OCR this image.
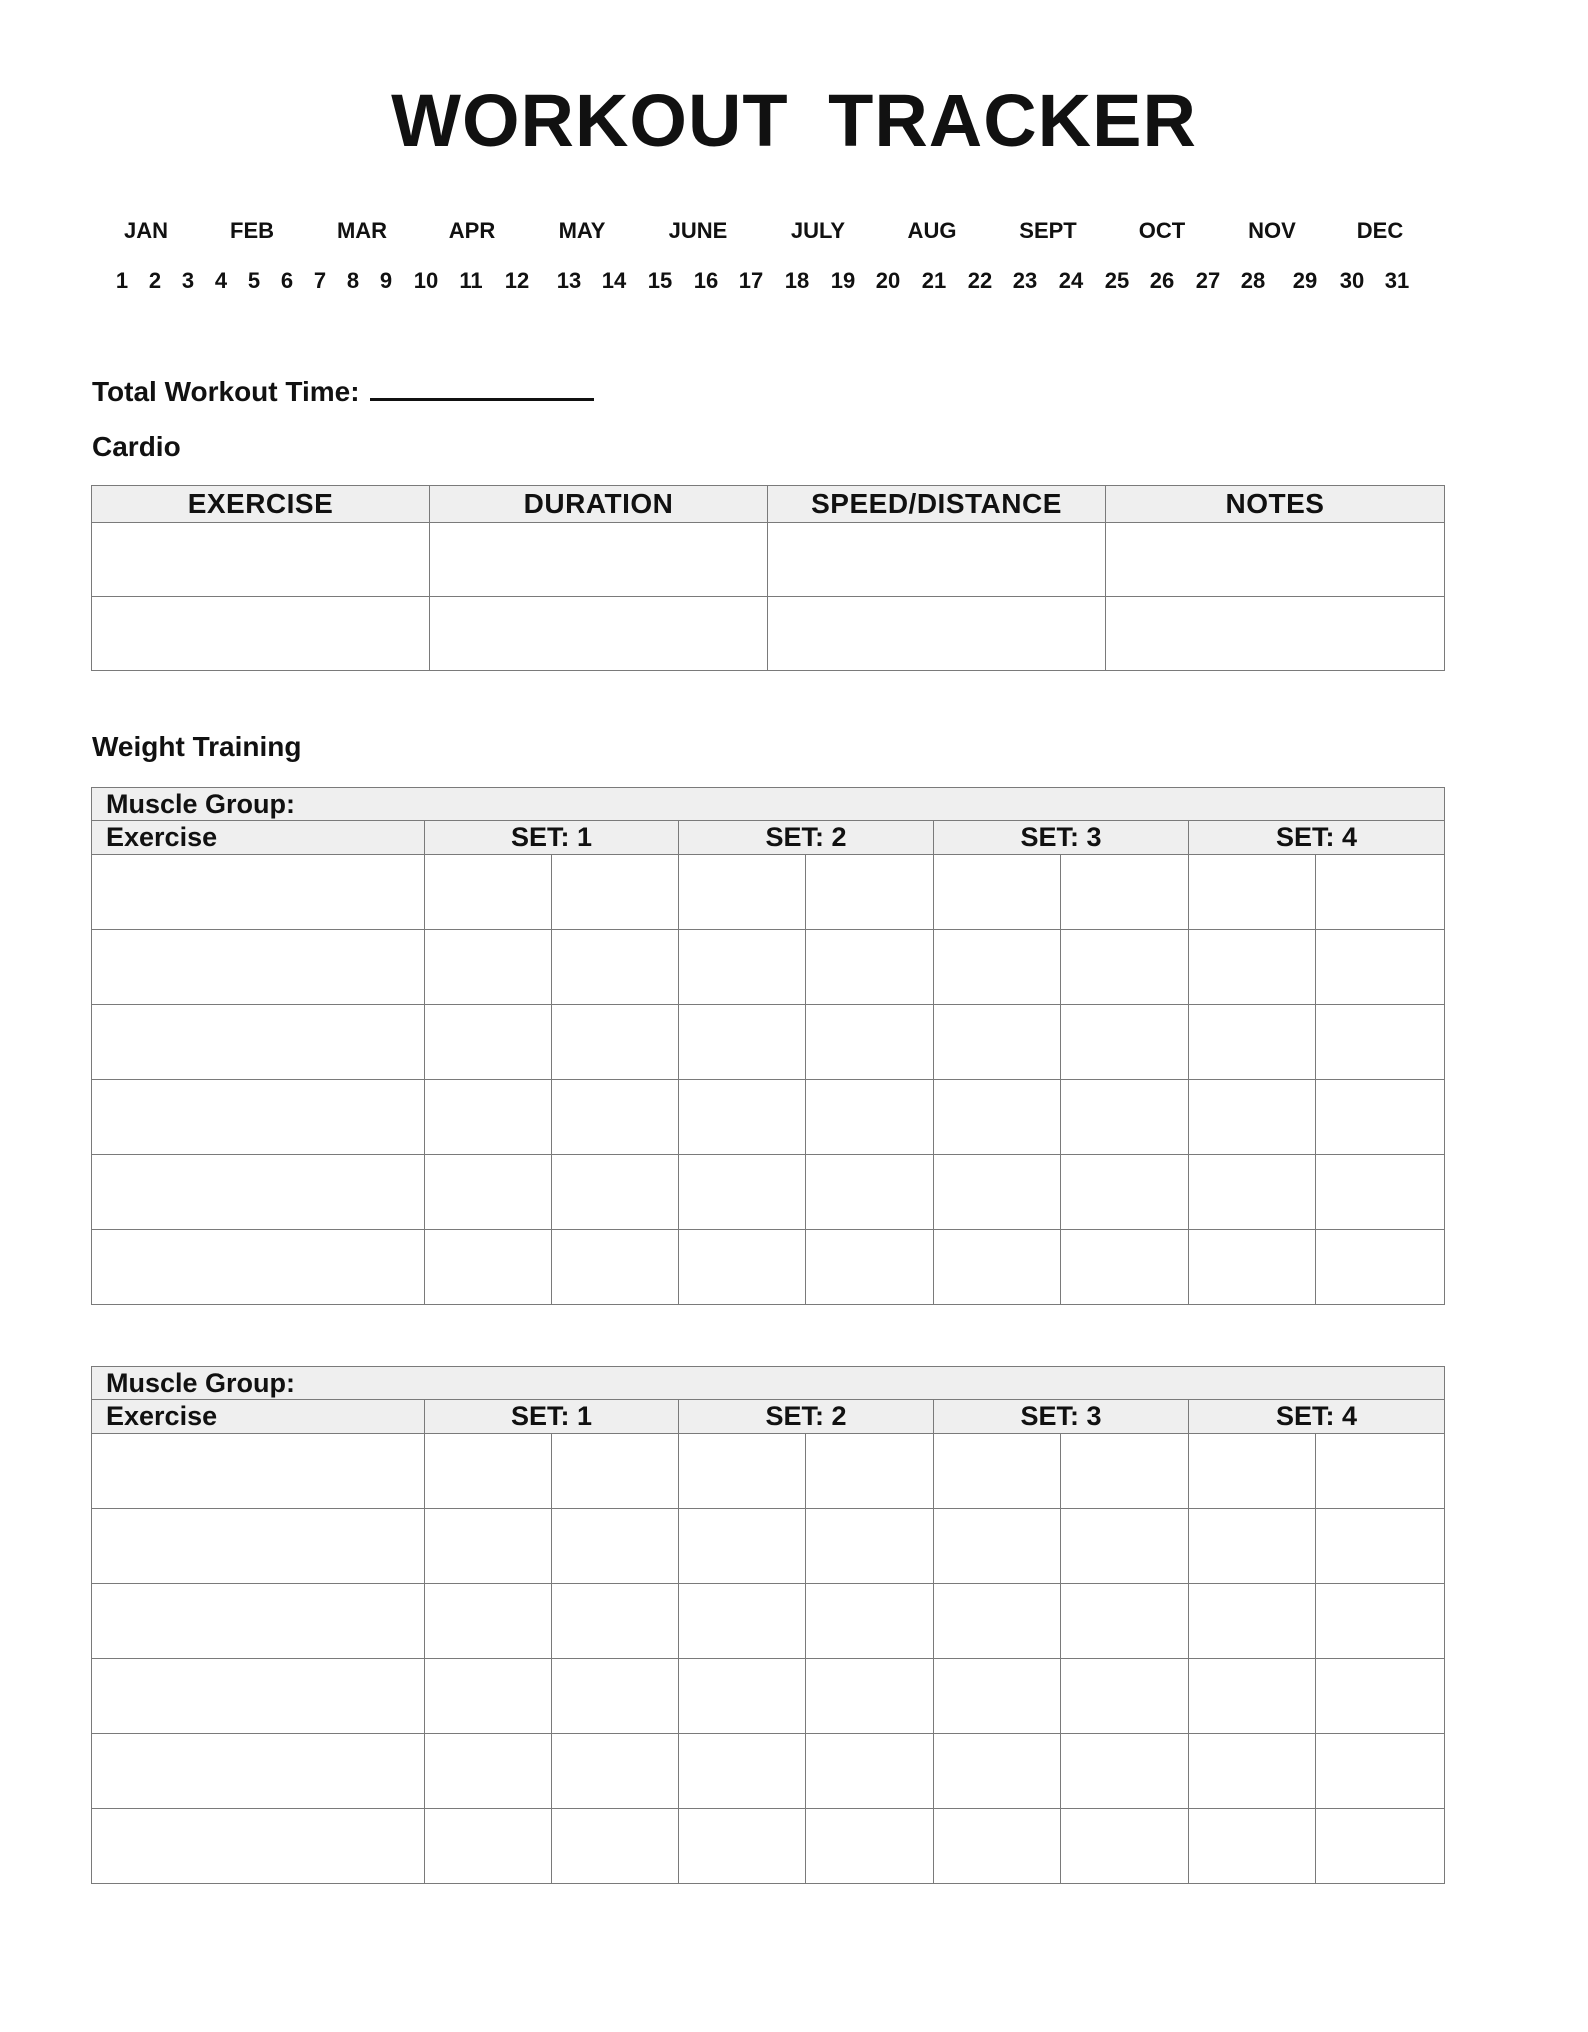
WORKOUT TRACKER
JAN	FEB	MAR	APR	MAY	JUNE	JULY	AUG	SEPT	OCT	NOV	DEC
1 2 3 4 5 6 7 8 9 10 11 12 13 14 15 16 17 18 19 20 21 22 23 24 25 26 27 28 29 30 31
Total Workout Time:
Cardio
EXERCISE	DURATION	SPEED/DISTANCE	NOTES

Weight Training
Muscle Group:								
Exercise	SET: 1		SET: 2		SET: 3		SET: 4	

Muscle Group:								
Exercise	SET: 1		SET: 2		SET: 3		SET: 4	
